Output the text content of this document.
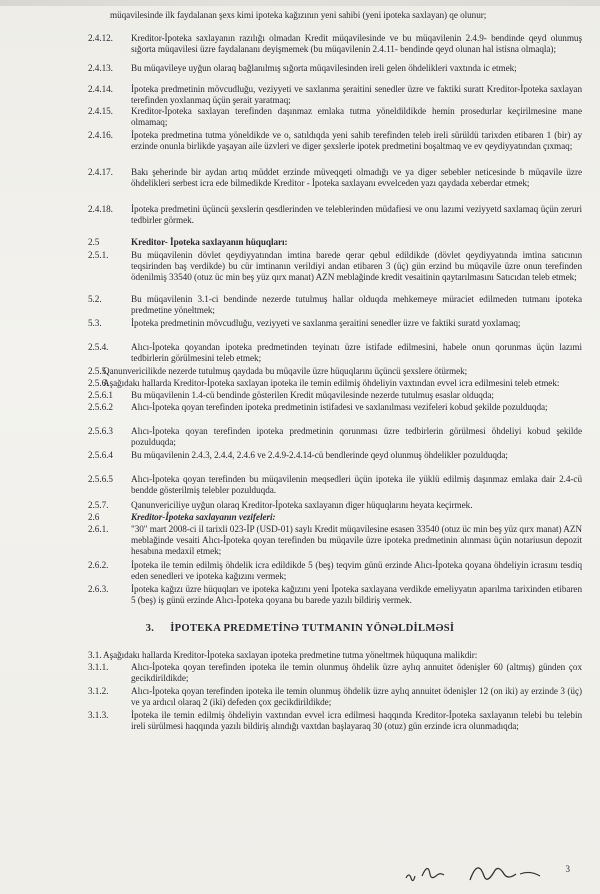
müqavilesinde ilk faydalanan şexs kimi ipoteka kağızının yeni sahibi (yeni ipoteka saxlayan) qe olunur;
2.4.12. Kreditor-İpoteka saxlayanın razılığı olmadan Kredit müqavilesinde ve bu müqavilenin 2.4.9- bendinde qeyd olunmuş sığorta müqavilesi üzre faydalananı deyişmemek (bu müqavilenin 2.4.11- bendinde qeyd olunan hal istisna olmaqla);
2.4.13. Bu müqavileye uyğun olaraq bağlanılmış sığorta müqavilesinden ireli gelen öhdelikleri vaxtında ic etmek;
2.4.14. İpoteka predmetinin mövcudluğu, veziyyeti ve saxlanma şeraitini senedler üzre ve faktiki suratt Kreditor-İpoteka saxlayan terefinden yoxlanmaq üçün şerait yaratmaq;
2.4.15. Kreditor-İpoteka saxlayan terefinden daşınmaz emlaka tutma yöneldildikde hemin prosedurlar keçirilmesine mane olmamaq;
2.4.16. İpoteka predmetina tutma yöneldikde ve o, satıldıqda yeni sahib terefinden teleb ireli sürüldü tarixden etibaren 1 (bir) ay erzinde onunla birlikde yaşayan aile üzvleri ve diger şexslerle ipotek predmetini boşaltmaq ve ev qeydiyyatından çıxmaq;
2.4.17. Bakı şeherinde bir aydan artıq müddet erzinde müveqqeti olmadığı ve ya diger sebebler neticesinde b müqavile üzre öhdelikleri serbest icra ede bilmedikde Kreditor - İpoteka saxlayanı evvelceden yazı qaydada xeberdar etmek;
2.4.18. İpoteka predmetini üçüncü şexslerin qesdlerinden ve teleblerinden müdafiesi ve onu lazımi veziyyetd saxlamaq üçün zeruri tedbirler görmek.
2.5	Kreditor- İpoteka saxlayanın hüquqları:
2.5.1. Bu müqavilenin dövlet qeydiyyatından imtina barede qerar qebul edildikde (dövlet qeydiyyatında imtina satıcının teqsirinden baş verdikde) bu cür imtinanın verildiyi andan etibaren 3 (üç) gün erzind bu müqavile üzre onun terefinden ödenilmiş 33540 (otuz üc min beş yüz qırx manat) AZN meblağinde kredit vesaitinin qaytarılmasını Satıcıdan teleb etmek;
5.2.	Bu müqavilenin 3.1-ci bendinde nezerde tutulmuş hallar olduqda mehkemeye müraciet edilmeden tutmanı ipoteka predmetine yöneltmek;
5.3.	İpoteka predmetinin mövcudluğu, veziyyeti ve saxlanma şeraitini senedler üzre ve faktiki suratd yoxlamaq;
2.5.4. Alıcı-İpoteka qoyandan ipoteka predmetinden teyinatı üzre istifade edilmesini, habele onun qorunmas üçün lazımi tedbirlerin görülmesini teleb etmek;
2.5.5.
Qanunvericilikde nezerde tutulmuş qaydada bu müqavile üzre hüquqlarını üçüncü şexslere ötürmek;
2.5.6.
Aşağıdakı hallarda Kreditor-İpoteka saxlayan ipoteka ile temin edilmiş öhdeliyin vaxtından evvel icra edilmesini teleb etmek:
2.5.6.1 Bu müqavilenin 1.4-cü bendinde gösterilen Kredit müqavilesinde nezerde tutulmuş esaslar olduqda;
2.5.6.2 Alıcı-İpoteka qoyan terefinden ipoteka predmetinin istifadesi ve saxlanılması vezifeleri kobud şekilde pozulduqda;
2.5.6.3 Alıcı-İpoteka qoyan terefinden ipoteka predmetinin qorunması üzre tedbirlerin görülmesi öhdeliyi kobud şekilde pozulduqda;
2.5.6.4 Bu müqavilenin 2.4.3, 2.4.4, 2.4.6 ve 2.4.9-2.4.14-cü bendlerinde qeyd olunmuş öhdelikler pozulduqda;
2.5.6.5 Alıcı-İpoteka qoyan terefinden bu müqavilenin meqsedleri üçün ipoteka ile yüklü edilmiş daşınmaz emlaka dair 2.4-cü bendde gösterilmiş telebler pozulduqda.
2.5.7. Qanunvericiliye uyğun olaraq Kreditor-İpoteka saxlayanın diger hüquqlarını heyata keçirmek.
2.6	Kreditor-İpoteka saxlayanın vezifeleri:
2.6.1. "30" mart 2008-ci il tarixli 023-İP (USD-01) saylı Kredit müqavilesine esasen 33540 (otuz üc min beş yüz qırx manat) AZN meblağinde vesaiti Alıcı-İpoteka qoyan terefinden bu müqavile üzre ipoteka predmetinin alınması üçün notariusun depozit hesabına medaxil etmek;
2.6.2. İpoteka ile temin edilmiş öhdelik icra edildikde 5 (beş) teqvim günü erzinde Alıcı-İpoteka qoyana öhdeliyin icrasını tesdiq eden senedleri ve ipoteka kağızını vermek;
2.6.3. İpoteka kağızı üzre hüquqları ve ipoteka kağızını yeni İpoteka saxlayana verdikde emeliyyatın aparılma tarixinden etibaren 5 (beş) iş günü erzinde Alıcı-İpoteka qoyana bu barede yazılı bildiriş vermek.
3.1. Aşağıdakı hallarda Kreditor-İpoteka saxlayan ipoteka predmetine tutma yöneltmek hüququna malikdir:
3.1.1. Alıcı-İpoteka qoyan terefinden ipoteka ile temin olunmuş öhdelik üzre aylıq annuitet ödenişler 60 (altmış) günden çox gecikdirildikde;
3.1.2. Alıcı-İpoteka qoyan terefinden ipoteka ile temin olunmuş öhdelik üzre aylıq annuitet ödenişler 12 (on iki) ay erzinde 3 (üç) ve ya ardıcıl olaraq 2 (iki) defeden çox gecikdirildikde;
3.1.3. İpoteka ile temin edilmiş öhdeliyin vaxtından evvel icra edilmesi haqqında Kreditor-İpoteka saxlayanın telebi bu telebin ireli sürülmesi haqqında yazılı bildiriş alındığı vaxtdan başlayaraq 30 (otuz) gün erzinde icra olunmadıqda;
3. İPOTEKA PREDMETİNƏ TUTMANIN YÖNƏLDİLMƏSİ
3
